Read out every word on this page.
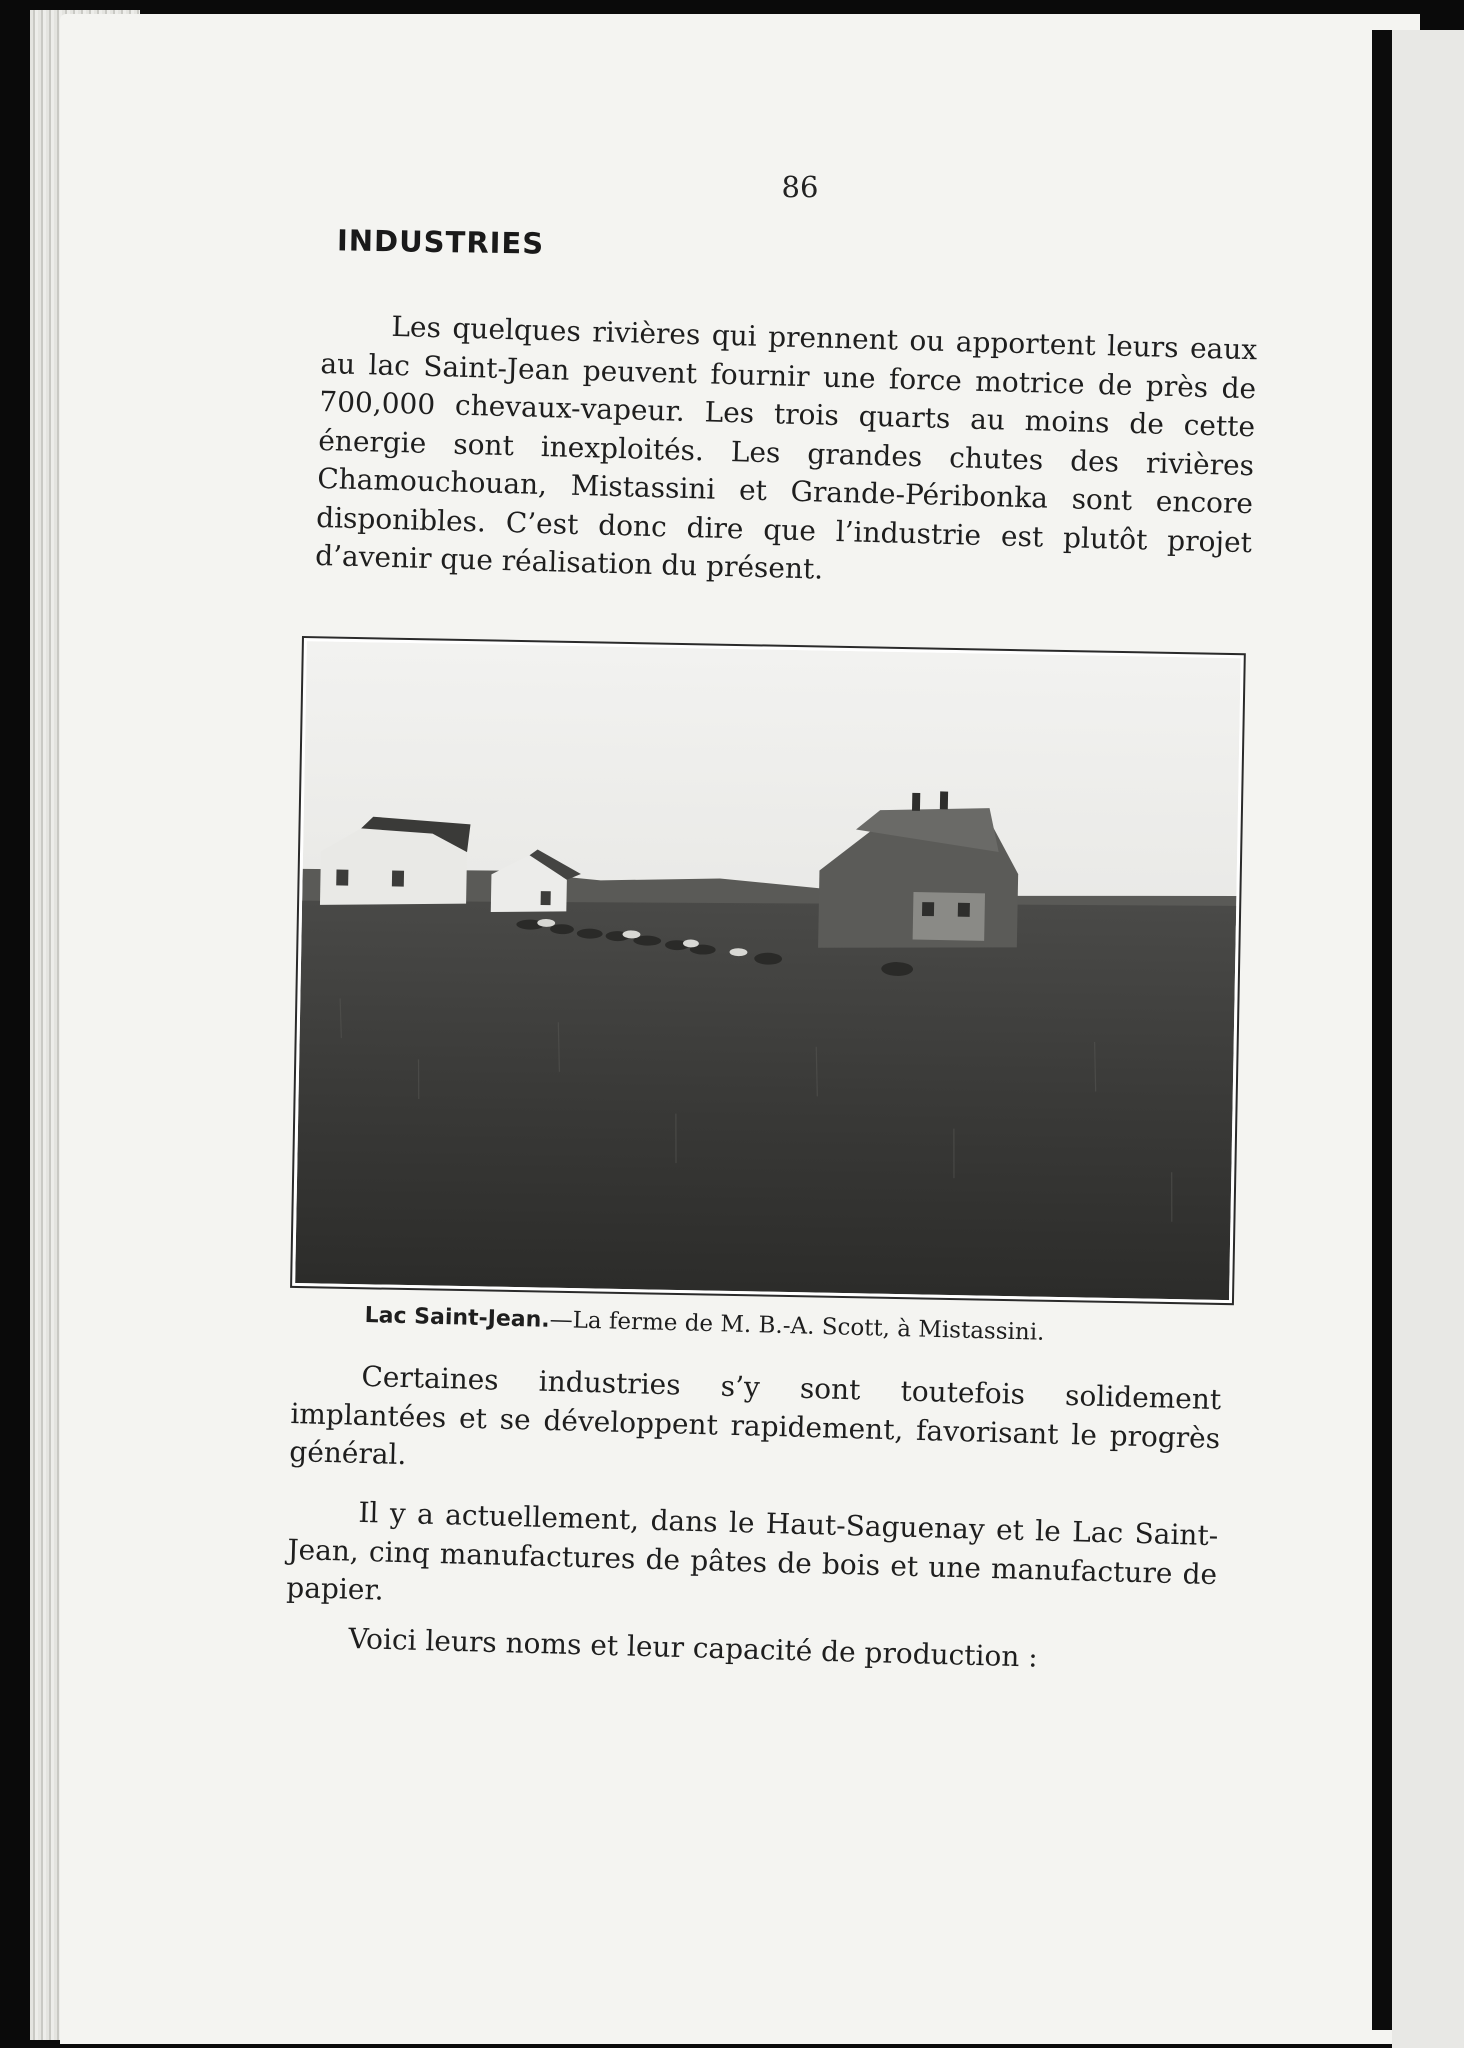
86
INDUSTRIES

Les quelques rivières qui prennent ou apportent leurs eaux au lac Saint-Jean peuvent fournir une force motrice de près de 700,000 chevaux-vapeur. Les trois quarts au moins de cette énergie sont inexploités. Les grandes chutes des rivières Chamouchouan, Mistassini et Grande-Péribonka sont encore disponibles. C’est donc dire que l’industrie est plutôt projet d’avenir que réalisation du présent.

Lac Saint-Jean.—La ferme de M. B.-A. Scott, à Mistassini.

Certaines industries s’y sont toutefois solidement implantées et se développent rapidement, favorisant le progrès général.

Il y a actuellement, dans le Haut-Saguenay et le Lac Saint-Jean, cinq manufactures de pâtes de bois et une manufacture de papier.

Voici leurs noms et leur capacité de production :
